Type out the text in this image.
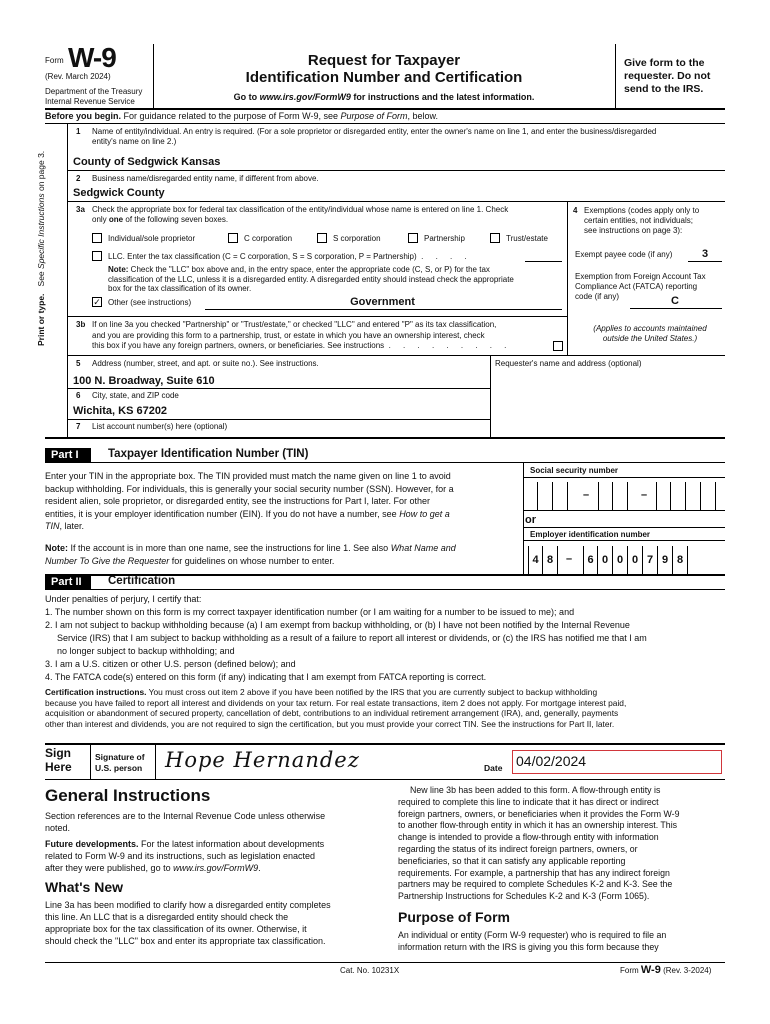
Form W-9
(Rev. March 2024)
Department of the Treasury
Internal Revenue Service
Request for Taxpayer
Identification Number and Certification
Go to www.irs.gov/FormW9 for instructions and the latest information.
Give form to the
requester. Do not
send to the IRS.
Before you begin. For guidance related to the purpose of Form W-9, see Purpose of Form, below.
Print or type.   See Specific Instructions on page 3.
1 Name of entity/individual. An entry is required. (For a sole proprietor or disregarded entity, enter the owner's name on line 1, and enter the business/disregarded
entity's name on line 2.)
County of Sedgwick Kansas
2 Business name/disregarded entity name, if different from above.
Sedgwick County
3a Check the appropriate box for federal tax classification of the entity/individual whose name is entered on line 1. Check
only one of the following seven boxes.
Individual/sole proprietor	C corporation	S corporation	Partnership	Trust/estate
LLC. Enter the tax classification (C = C corporation, S = S corporation, P = Partnership) . . . .
Note: Check the "LLC" box above and, in the entry space, enter the appropriate code (C, S, or P) for the tax
classification of the LLC, unless it is a disregarded entity. A disregarded entity should instead check the appropriate
box for the tax classification of its owner.
✓ Other (see instructions)	Government
4 Exemptions (codes apply only to
certain entities, not individuals;
see instructions on page 3):
Exempt payee code (if any)	3
Exemption from Foreign Account Tax
Compliance Act (FATCA) reporting
code (if any)	C
(Applies to accounts maintained
outside the United States.)
3b If on line 3a you checked "Partnership" or "Trust/estate," or checked "LLC" and entered "P" as its tax classification,
and you are providing this form to a partnership, trust, or estate in which you have an ownership interest, check
this box if you have any foreign partners, owners, or beneficiaries. See instructions . . . . . . . . .
5 Address (number, street, and apt. or suite no.). See instructions.
100 N. Broadway, Suite 610
Requester's name and address (optional)
6 City, state, and ZIP code
Wichita, KS 67202
7 List account number(s) here (optional)
Part I	Taxpayer Identification Number (TIN)
Enter your TIN in the appropriate box. The TIN provided must match the name given on line 1 to avoid
backup withholding. For individuals, this is generally your social security number (SSN). However, for a
resident alien, sole proprietor, or disregarded entity, see the instructions for Part I, later. For other
entities, it is your employer identification number (EIN). If you do not have a number, see How to get a
TIN, later.
Note: If the account is in more than one name, see the instructions for line 1. See also What Name and
Number To Give the Requester for guidelines on whose number to enter.
Social security number
–	–
or
Employer identification number
4 8	–	6 0 0 0 7 9 8
Part II	Certification
Under penalties of perjury, I certify that:
1. The number shown on this form is my correct taxpayer identification number (or I am waiting for a number to be issued to me); and
2. I am not subject to backup withholding because (a) I am exempt from backup withholding, or (b) I have not been notified by the Internal Revenue
Service (IRS) that I am subject to backup withholding as a result of a failure to report all interest or dividends, or (c) the IRS has notified me that I am
no longer subject to backup withholding; and
3. I am a U.S. citizen or other U.S. person (defined below); and
4. The FATCA code(s) entered on this form (if any) indicating that I am exempt from FATCA reporting is correct.
Certification instructions. You must cross out item 2 above if you have been notified by the IRS that you are currently subject to backup withholding
because you have failed to report all interest and dividends on your tax return. For real estate transactions, item 2 does not apply. For mortgage interest paid,
acquisition or abandonment of secured property, cancellation of debt, contributions to an individual retirement arrangement (IRA), and, generally, payments
other than interest and dividends, you are not required to sign the certification, but you must provide your correct TIN. See the instructions for Part II, later.
Sign
Here
Signature of
U.S. person Hope Hernandez	Date 04/02/2024
General Instructions
Section references are to the Internal Revenue Code unless otherwise
noted.
Future developments. For the latest information about developments
related to Form W-9 and its instructions, such as legislation enacted
after they were published, go to www.irs.gov/FormW9.
What's New
Line 3a has been modified to clarify how a disregarded entity completes
this line. An LLC that is a disregarded entity should check the
appropriate box for the tax classification of its owner. Otherwise, it
should check the "LLC" box and enter its appropriate tax classification.
New line 3b has been added to this form. A flow-through entity is
required to complete this line to indicate that it has direct or indirect
foreign partners, owners, or beneficiaries when it provides the Form W-9
to another flow-through entity in which it has an ownership interest. This
change is intended to provide a flow-through entity with information
regarding the status of its indirect foreign partners, owners, or
beneficiaries, so that it can satisfy any applicable reporting
requirements. For example, a partnership that has any indirect foreign
partners may be required to complete Schedules K-2 and K-3. See the
Partnership Instructions for Schedules K-2 and K-3 (Form 1065).
Purpose of Form
An individual or entity (Form W-9 requester) who is required to file an
information return with the IRS is giving you this form because they
Cat. No. 10231X	Form W-9 (Rev. 3-2024)
